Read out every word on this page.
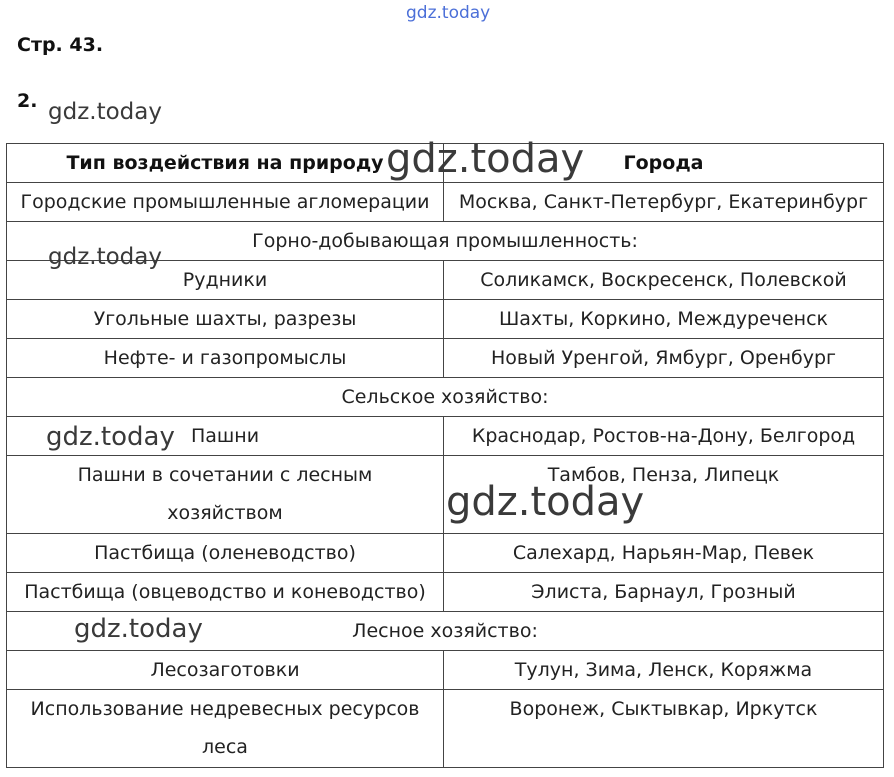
gdz.today
Стр. 43.
2. gdz.today
Тип воздействия на природу	Города
Городские промышленные агломерации	Москва, Санкт-Петербург, Екатеринбург
Горно-добывающая промышленность:	
Рудники	Соликамск, Воскресенск, Полевской
Угольные шахты, разрезы	Шахты, Коркино, Междуреченск
Нефте- и газопромыслы	Новый Уренгой, Ямбург, Оренбург
Сельское хозяйство:	
Пашни	Краснодар, Ростов-на-Дону, Белгород
Пашни в сочетании с лесным хозяйством	Тамбов, Пенза, Липецк
Пастбища (оленеводство)	Салехард, Нарьян-Мар, Певек
Пастбища (овцеводство и коневодство)	Элиста, Барнаул, Грозный
Лесное хозяйство:	
Лесозаготовки	Тулун, Зима, Ленск, Коряжма
Использование недревесных ресурсов леса	Воронеж, Сыктывкар, Иркутск
gdz.today
gdz.today
gdz.today
gdz.today
gdz.today
